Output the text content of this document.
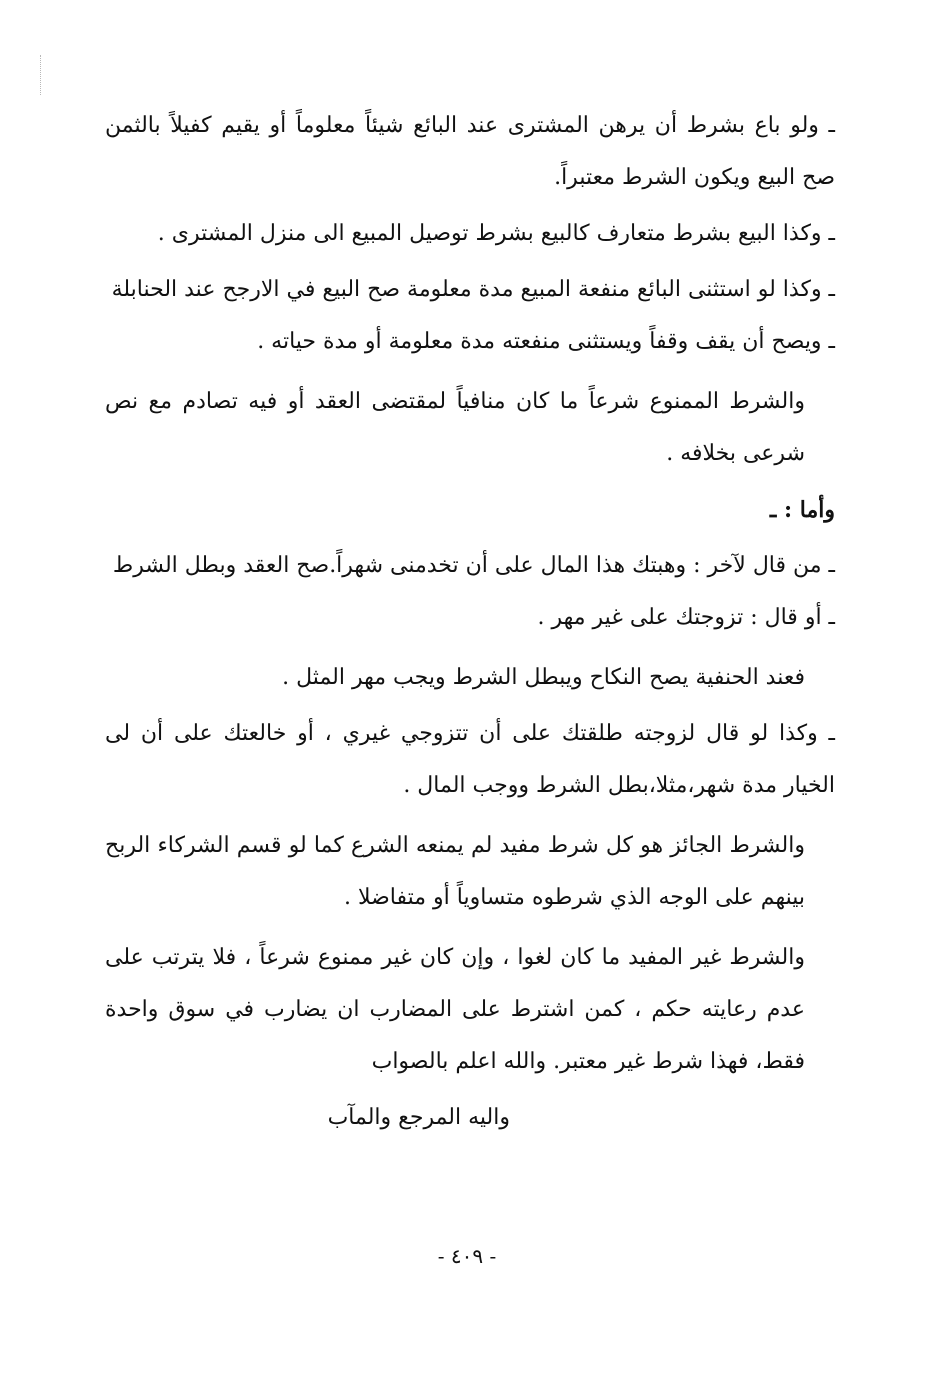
ـ ولو باع بشرط أن يرهن المشترى عند البائع شيئاً معلوماً أو يقيم كفيلاً بالثمن صح البيع ويكون الشرط معتبراً.

ـ وكذا البيع بشرط متعارف كالبيع بشرط توصيل المبيع الى منزل المشترى .

ـ وكذا لو استثنى البائع منفعة المبيع مدة معلومة صح البيع في الارجح عند الحنابلة

ـ ويصح أن يقف وقفاً ويستثنى منفعته مدة معلومة أو مدة حياته .

والشرط الممنوع شرعاً ما كان منافياً لمقتضى العقد أو فيه تصادم مع نص شرعى بخلافه .

وأما : ـ

ـ من قال لآخر : وهبتك هذا المال على أن تخدمنى شهراً.صح العقد وبطل الشرط

ـ أو قال : تزوجتك على غير مهر .

فعند الحنفية يصح النكاح ويبطل الشرط ويجب مهر المثل .

ـ وكذا لو قال لزوجته طلقتك على أن تتزوجي غيري ، أو خالعتك على أن لى الخيار مدة شهر،مثلا،بطل الشرط ووجب المال .

والشرط الجائز هو كل شرط مفيد لم يمنعه الشرع كما لو قسم الشركاء الربح بينهم على الوجه الذي شرطوه متساوياً أو متفاضلا .

والشرط غير المفيد ما كان لغوا ، وإن كان غير ممنوع شرعاً ، فلا يترتب على عدم رعايته حكم ، كمن اشترط على المضارب ان يضارب في سوق واحدة فقط، فهذا شرط غير معتبر. والله اعلم بالصواب

واليه المرجع والمآب

- ٤٠٩ -
